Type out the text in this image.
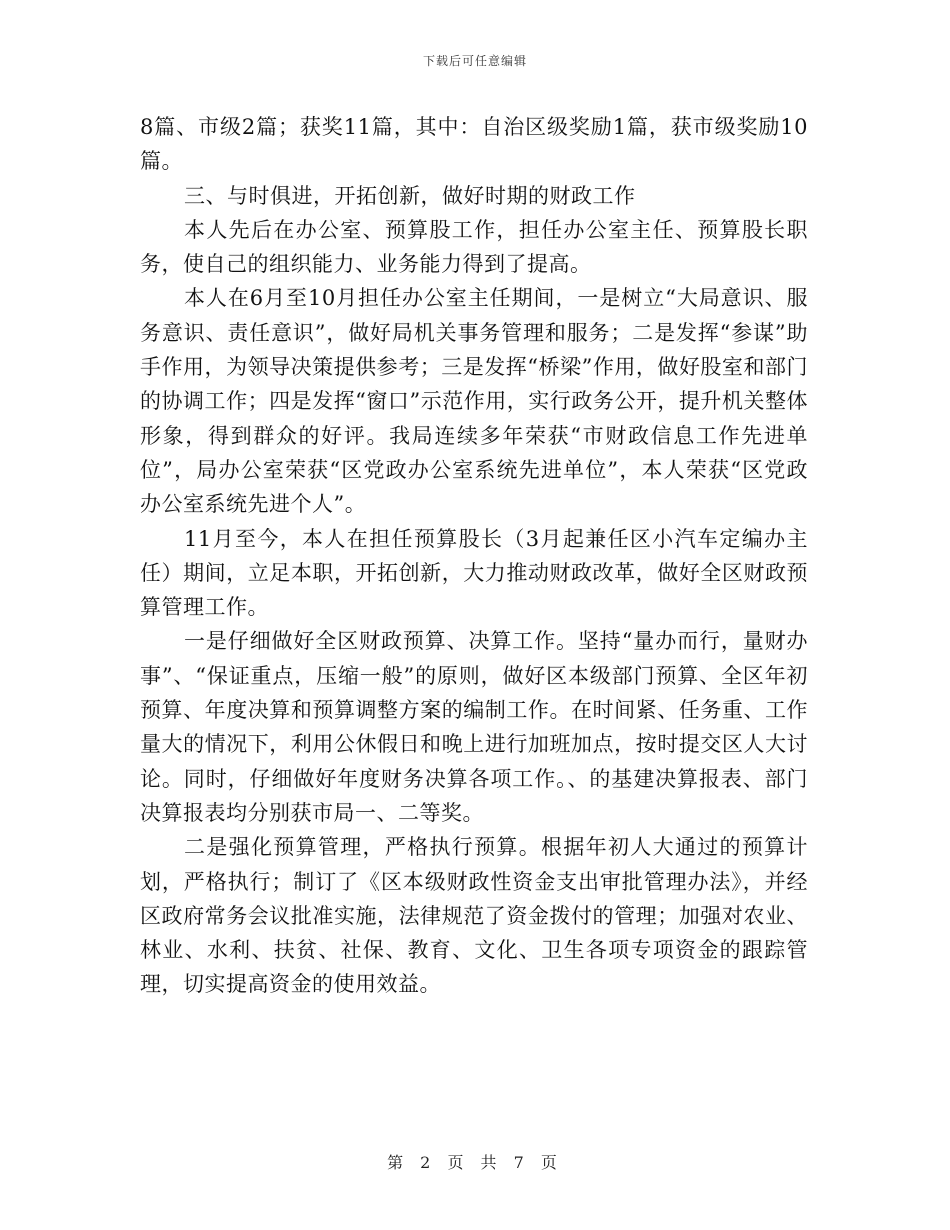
下载后可任意编辑

8篇、市级2篇；获奖11篇，其中：自治区级奖励1篇，获市级奖励10篇。

三、与时俱进，开拓创新，做好时期的财政工作

本人先后在办公室、预算股工作，担任办公室主任、预算股长职务，使自己的组织能力、业务能力得到了提高。

本人在6月至10月担任办公室主任期间，一是树立“大局意识、服务意识、责任意识”，做好局机关事务管理和服务；二是发挥“参谋”助手作用，为领导决策提供参考；三是发挥“桥梁”作用，做好股室和部门的协调工作；四是发挥“窗口”示范作用，实行政务公开，提升机关整体形象，得到群众的好评。我局连续多年荣获“市财政信息工作先进单位”，局办公室荣获“区党政办公室系统先进单位”，本人荣获“区党政办公室系统先进个人”。

11月至今，本人在担任预算股长（3月起兼任区小汽车定编办主任）期间，立足本职，开拓创新，大力推动财政改革，做好全区财政预算管理工作。

一是仔细做好全区财政预算、决算工作。坚持“量办而行，量财办事”、“保证重点，压缩一般”的原则，做好区本级部门预算、全区年初预算、年度决算和预算调整方案的编制工作。在时间紧、任务重、工作量大的情况下，利用公休假日和晚上进行加班加点，按时提交区人大讨论。同时，仔细做好年度财务决算各项工作。、的基建决算报表、部门决算报表均分别获市局一、二等奖。

二是强化预算管理，严格执行预算。根据年初人大通过的预算计划，严格执行；制订了《区本级财政性资金支出审批管理办法》，并经区政府常务会议批准实施，法律规范了资金拨付的管理；加强对农业、林业、水利、扶贫、社保、教育、文化、卫生各项专项资金的跟踪管理，切实提高资金的使用效益。

第 2 页 共 7 页
